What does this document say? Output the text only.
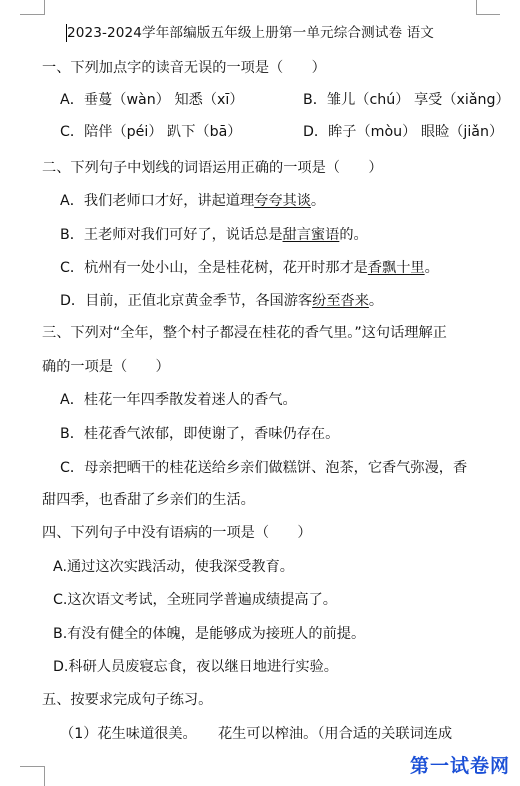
2023-2024学年部编版五年级上册第一单元综合测试卷 语文
一、下列加点字的读音无误的一项是（　　）
A．垂蔓（wàn） 知悉（xī）	B．雏儿（chú） 享受（xiǎng）
C．陪伴（péi） 趴下（bā）	D．眸子（mòu） 眼睑（jiǎn）
二、下列句子中划线的词语运用正确的一项是（　　）
A．我们老师口才好，讲起道理夸夸其谈。
B．王老师对我们可好了，说话总是甜言蜜语的。
C．杭州有一处小山，全是桂花树，花开时那才是香飘十里。
D．目前，正值北京黄金季节，各国游客纷至沓来。
三、下列对“全年，整个村子都浸在桂花的香气里。”这句话理解正
确的一项是（　　）
A．桂花一年四季散发着迷人的香气。
B．桂花香气浓郁，即使谢了，香味仍存在。
C．母亲把晒干的桂花送给乡亲们做糕饼、泡茶，它香气弥漫，香
甜四季，也香甜了乡亲们的生活。
四、下列句子中没有语病的一项是（　　）
A.通过这次实践活动，使我深受教育。
C.这次语文考试，全班同学普遍成绩提高了。
B.有没有健全的体魄，是能够成为接班人的前提。
D.科研人员废寝忘食，夜以继日地进行实验。
五、按要求完成句子练习。
（1）花生味道很美。　　花生可以榨油。（用合适的关联词连成
第一试卷网
